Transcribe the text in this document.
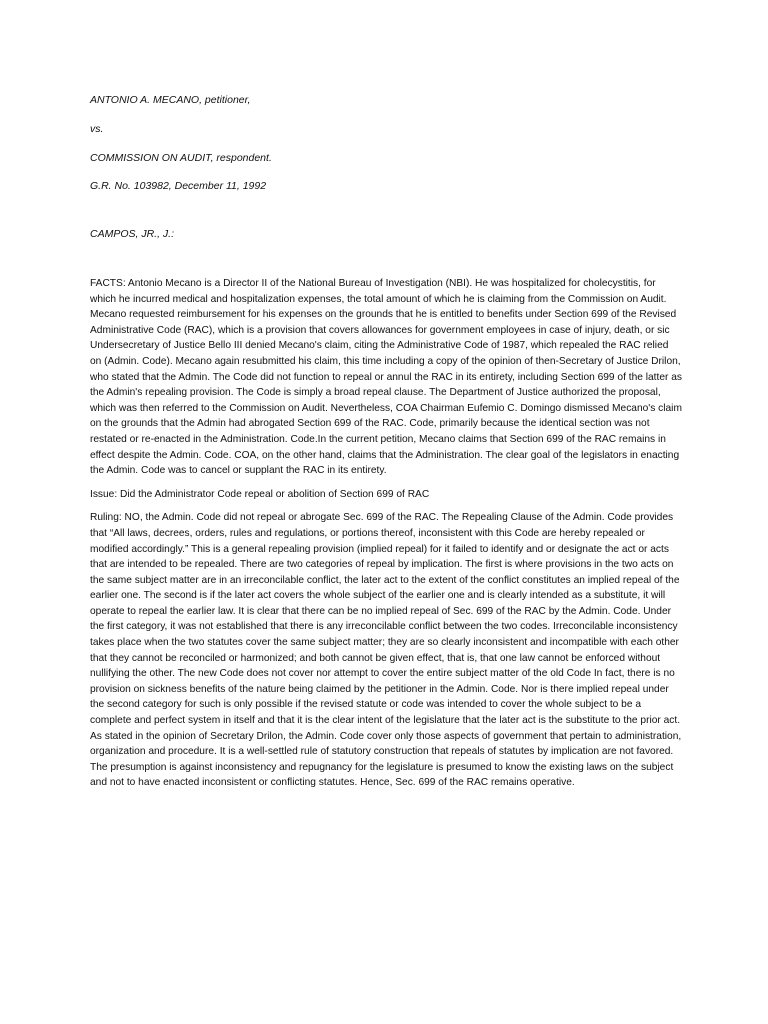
ANTONIO A. MECANO, petitioner,

vs.

COMMISSION ON AUDIT, respondent.

G.R. No. 103982, December 11, 1992

CAMPOS, JR., J.:

FACTS: Antonio Mecano is a Director II of the National Bureau of Investigation (NBI). He was hospitalized for cholecystitis, for which he incurred medical and hospitalization expenses, the total amount of which he is claiming from the Commission on Audit. Mecano requested reimbursement for his expenses on the grounds that he is entitled to benefits under Section 699 of the Revised Administrative Code (RAC), which is a provision that covers allowances for government employees in case of injury, death, or sic Undersecretary of Justice Bello III denied Mecano's claim, citing the Administrative Code of 1987, which repealed the RAC relied on (Admin. Code). Mecano again resubmitted his claim, this time including a copy of the opinion of then-Secretary of Justice Drilon, who stated that the Admin. The Code did not function to repeal or annul the RAC in its entirety, including Section 699 of the latter as the Admin's repealing provision. The Code is simply a broad repeal clause. The Department of Justice authorized the proposal, which was then referred to the Commission on Audit. Nevertheless, COA Chairman Eufemio C. Domingo dismissed Mecano's claim on the grounds that the Admin had abrogated Section 699 of the RAC. Code, primarily because the identical section was not restated or re-enacted in the Administration. Code.In the current petition, Mecano claims that Section 699 of the RAC remains in effect despite the Admin. Code. COA, on the other hand, claims that the Administration. The clear goal of the legislators in enacting the Admin. Code was to cancel or supplant the RAC in its entirety.

Issue: Did the Administrator Code repeal or abolition of Section 699 of RAC

Ruling: NO, the Admin. Code did not repeal or abrogate Sec. 699 of the RAC. The Repealing Clause of the Admin. Code provides that “All laws, decrees, orders, rules and regulations, or portions thereof, inconsistent with this Code are hereby repealed or modified accordingly.” This is a general repealing provision (implied repeal) for it failed to identify and or designate the act or acts that are intended to be repealed. There are two categories of repeal by implication. The first is where provisions in the two acts on the same subject matter are in an irreconcilable conflict, the later act to the extent of the conflict constitutes an implied repeal of the earlier one. The second is if the later act covers the whole subject of the earlier one and is clearly intended as a substitute, it will operate to repeal the earlier law. It is clear that there can be no implied repeal of Sec. 699 of the RAC by the Admin. Code. Under the first category, it was not established that there is any irreconcilable conflict between the two codes. Irreconcilable inconsistency takes place when the two statutes cover the same subject matter; they are so clearly inconsistent and incompatible with each other that they cannot be reconciled or harmonized; and both cannot be given effect, that is, that one law cannot be enforced without nullifying the other. The new Code does not cover nor attempt to cover the entire subject matter of the old Code In fact, there is no provision on sickness benefits of the nature being claimed by the petitioner in the Admin. Code. Nor is there implied repeal under the second category for such is only possible if the revised statute or code was intended to cover the whole subject to be a complete and perfect system in itself and that it is the clear intent of the legislature that the later act is the substitute to the prior act. As stated in the opinion of Secretary Drilon, the Admin. Code cover only those aspects of government that pertain to administration, organization and procedure. It is a well-settled rule of statutory construction that repeals of statutes by implication are not favored. The presumption is against inconsistency and repugnancy for the legislature is presumed to know the existing laws on the subject and not to have enacted inconsistent or conflicting statutes. Hence, Sec. 699 of the RAC remains operative.
